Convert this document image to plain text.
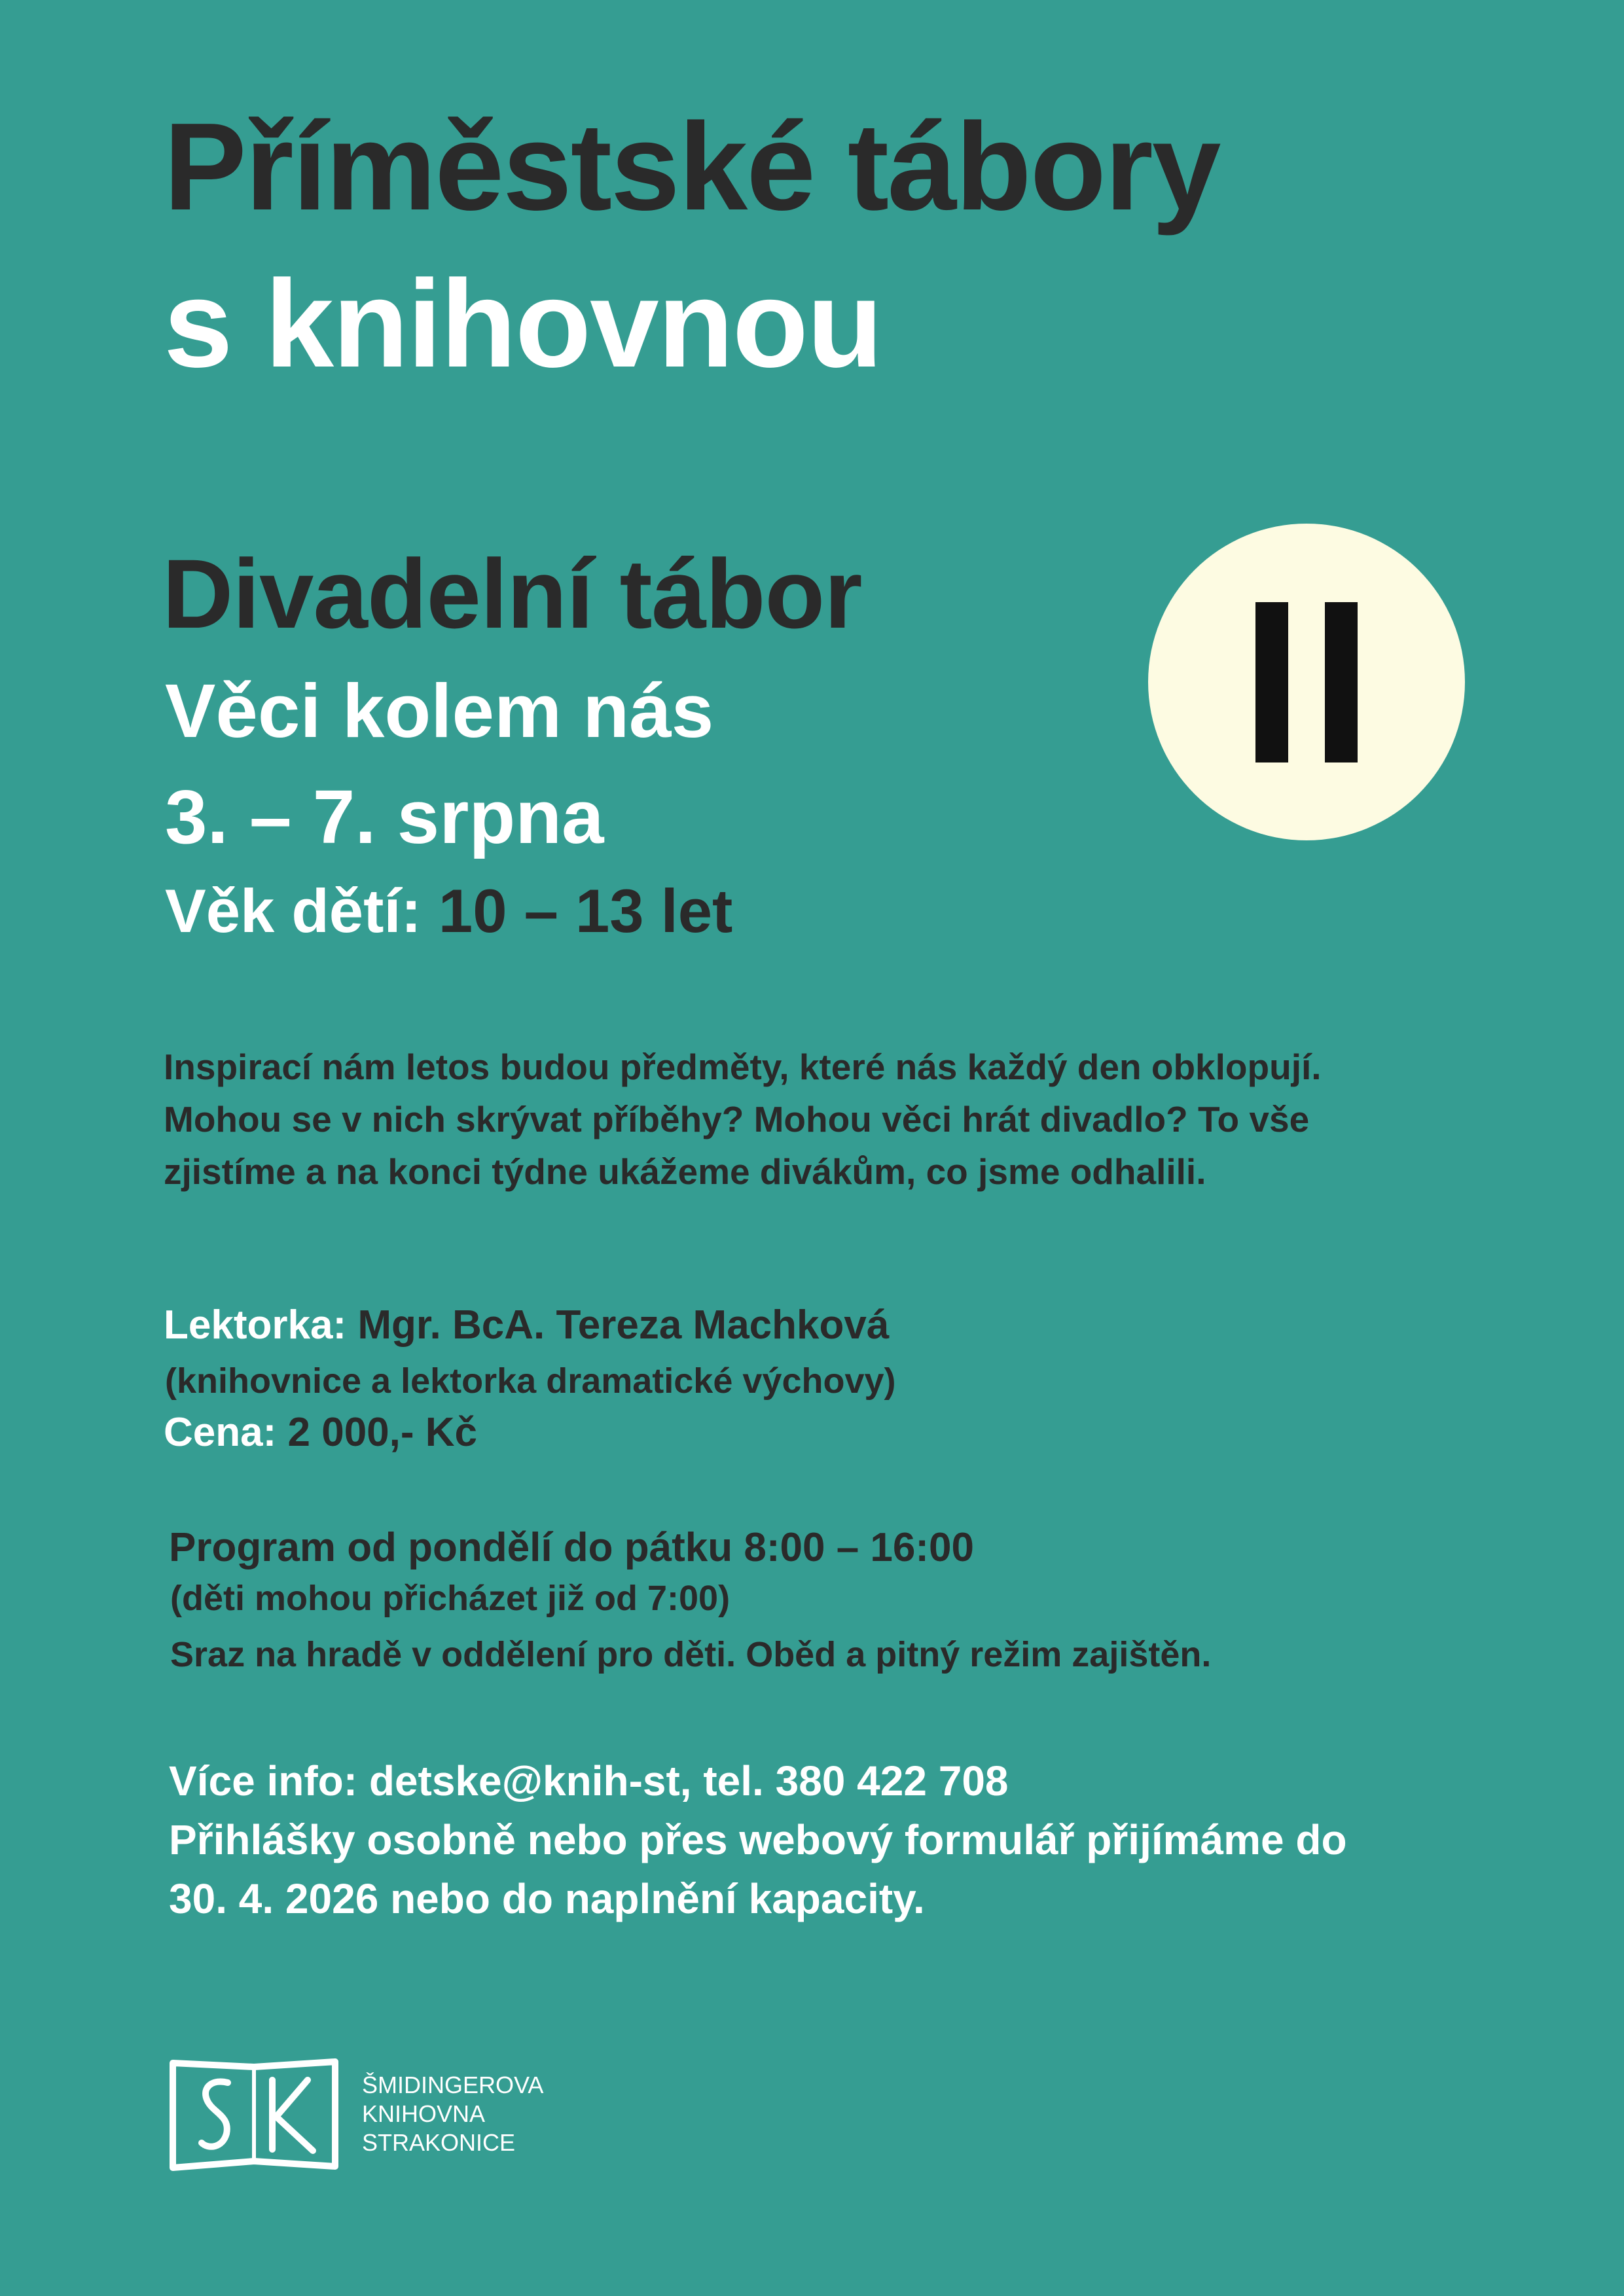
Příměstské tábory
s knihovnou
Divadelní tábor
Věci kolem nás
3. – 7. srpna
Věk dětí: 10 – 13 let
Inspirací nám letos budou předměty, které nás každý den obklopují.
Mohou se v nich skrývat příběhy? Mohou věci hrát divadlo? To vše
zjistíme a na konci týdne ukážeme divákům, co jsme odhalili.
Lektorka: Mgr. BcA. Tereza Machková
(knihovnice a lektorka dramatické výchovy)
Cena: 2 000,- Kč
Program od pondělí do pátku 8:00 – 16:00
(děti mohou přicházet již od 7:00)
Sraz na hradě v oddělení pro děti. Oběd a pitný režim zajištěn.
Více info: detske@knih-st, tel. 380 422 708
Přihlášky osobně nebo přes webový formulář přijímáme do
30. 4. 2026 nebo do naplnění kapacity.
ŠMIDINGEROVA
KNIHOVNA
STRAKONICE
